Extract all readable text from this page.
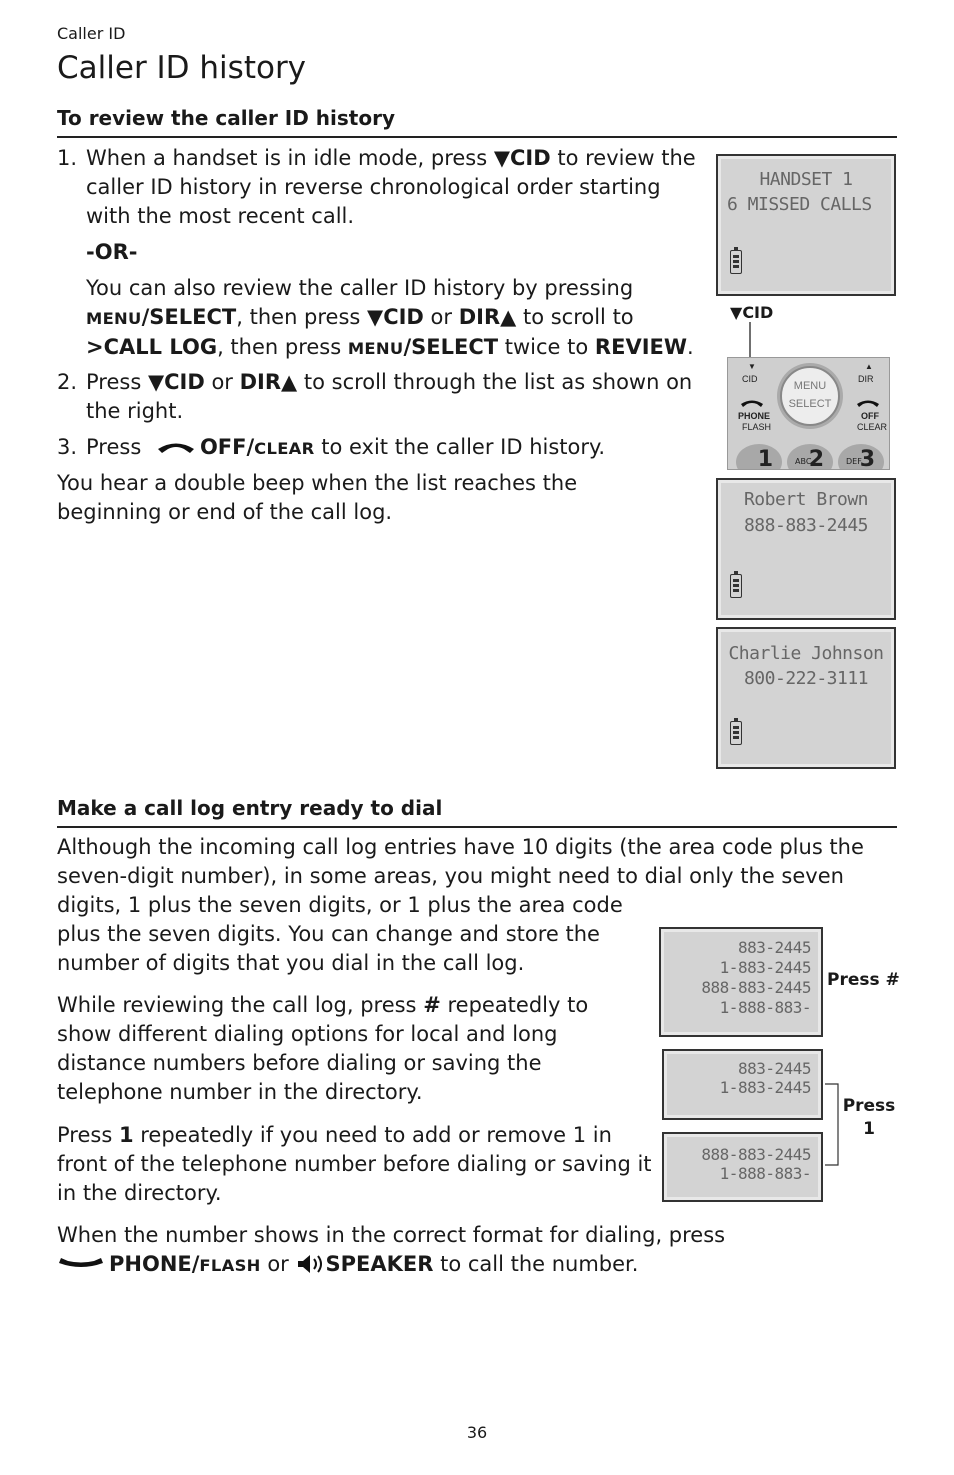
Caller ID
Caller ID history
To review the caller ID history
1. When a handset is in idle mode, press ▼CID to review the caller ID history in reverse chronological order starting with the most recent call.
-OR-
You can also review the caller ID history by pressing MENU/SELECT, then press ▼CID or DIR▲ to scroll to >CALL LOG, then press MENU/SELECT twice to REVIEW.
2. Press ▼CID or DIR▲ to scroll through the list as shown on the right.
3. Press OFF/CLEAR to exit the caller ID history.
You hear a double beep when the list reaches the beginning or end of the call log.
HANDSET 1
6 MISSED CALLS
▼CID
CID
▼
DIR
▲
MENU
SELECT
PHONE
FLASH
OFF
CLEAR
1	ABC
2	DEF
3
Robert Brown
888-883-2445
Charlie Johnson
800-222-3111
Make a call log entry ready to dial
Although the incoming call log entries have 10 digits (the area code plus the seven-digit number), in some areas, you might need to dial only the seven
digits, 1 plus the seven digits, or 1 plus the area code plus the seven digits. You can change and store the number of digits that you dial in the call log.
While reviewing the call log, press # repeatedly to show different dialing options for local and long distance numbers before dialing or saving the telephone number in the directory.
Press 1 repeatedly if you need to add or remove 1 in front of the telephone number before dialing or saving it in the directory.
When the number shows in the correct format for dialing, press
PHONE/FLASH or SPEAKER to call the number.
883-2445
1-883-2445
888-883-2445
1-888-883-
Press #
883-2445
1-883-2445
888-883-2445
1-888-883-
Press
1
36
